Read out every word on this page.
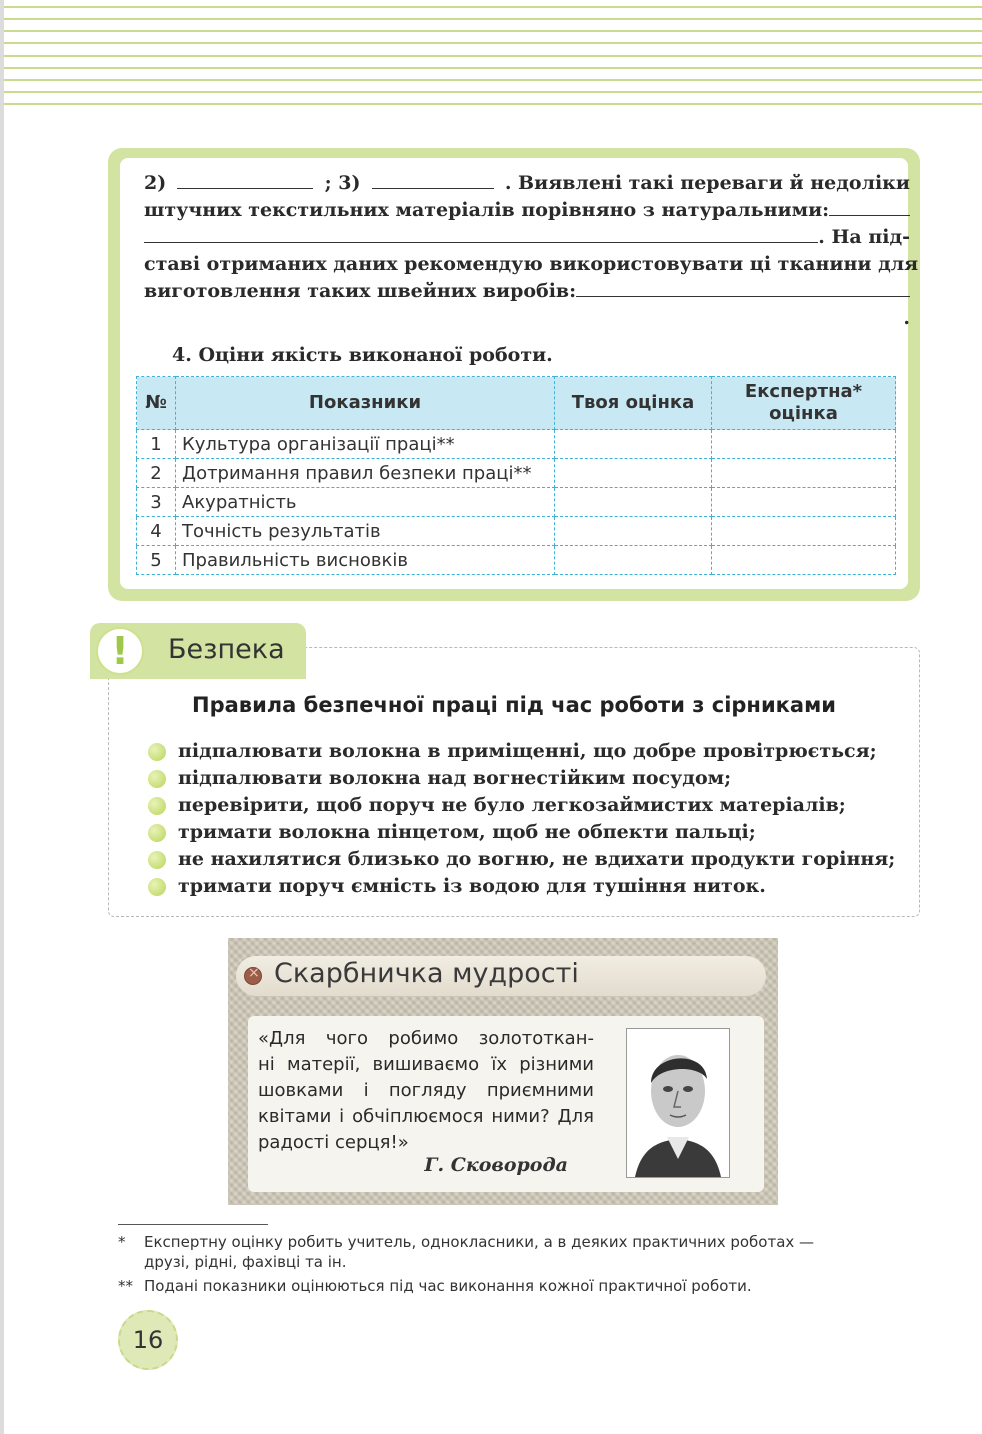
2)	; 3)	. Виявлені такі переваги й недоліки
штучних текстильних матеріалів порівняно з натуральними:
. На під-
ставі отриманих даних рекомендую використовувати ці тканини для
виготовлення таких швейних виробів:
.
4. Оціни якість виконаної роботи.
№	Показники	Твоя оцінка	Експертна* оцінка
1	Культура організації праці**		
2	Дотримання правил безпеки праці**		
3	Акуратність		
4	Точність результатів		
5	Правильність висновків		
!	Безпека
Правила безпечної праці під час роботи з сірниками
підпалювати волокна в приміщенні, що добре провітрюється;
підпалювати волокна над вогнестійким посудом;
перевірити, щоб поруч не було легкозаймистих матеріалів;
тримати волокна пінцетом, щоб не обпекти пальці;
не нахилятися близько до вогню, не вдихати продукти горіння;
тримати поруч ємність із водою для тушіння ниток.
×
Скарбничка мудрості
«Для чого робимо золототкан-
ні матерії, вишиваємо їх різними
шовками і погляду приємними
квітами і обчіплюємося ними? Для
радості серця!»
Г. Сковорода
* Експертну оцінку робить учитель, однокласники, а в деяких практичних роботах —
друзі, рідні, фахівці та ін.
** Подані показники оцінюються під час виконання кожної практичної роботи.
16
